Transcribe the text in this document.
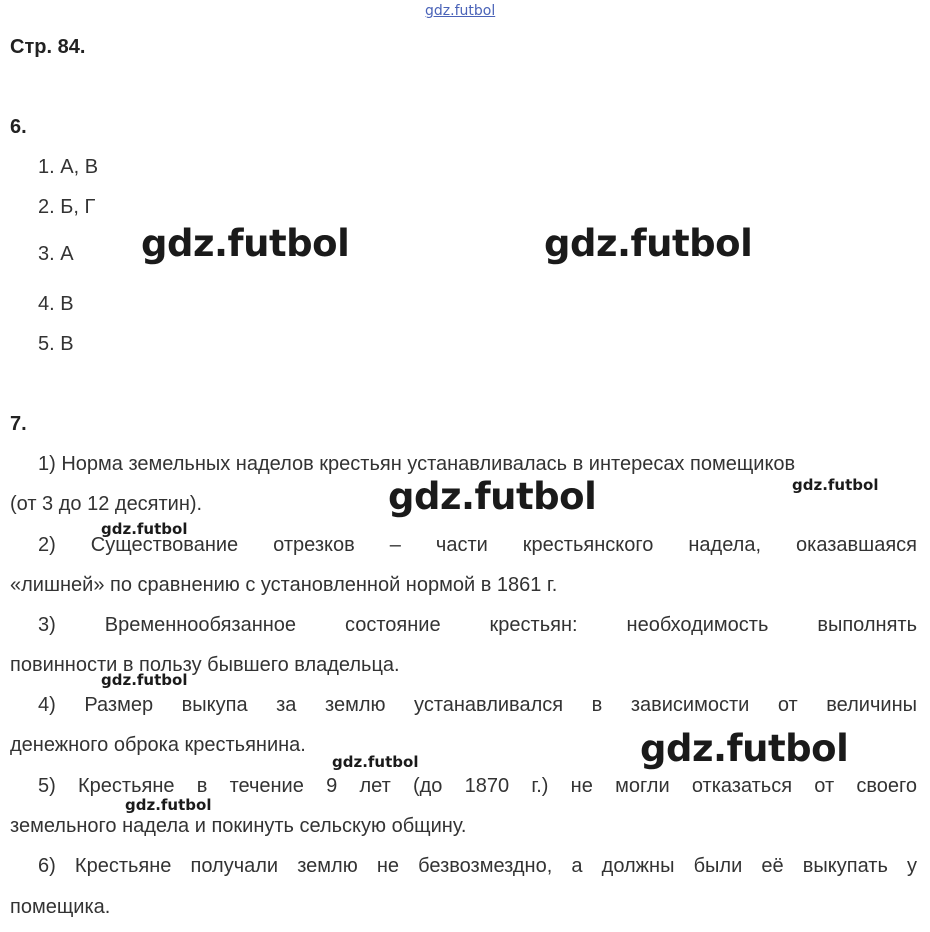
gdz.futbol
Стр. 84.
6.
1. А, В
2. Б, Г
3. А
4. В
5. В
7.
1) Норма земельных наделов крестьян устанавливалась в интересах помещиков
(от 3 до 12 десятин).
2) Существование отрезков – части крестьянского надела, оказавшаяся
«лишней» по сравнению с установленной нормой в 1861 г.
3) Временнообязанное состояние крестьян: необходимость выполнять
повинности в пользу бывшего владельца.
4) Размер выкупа за землю устанавливался в зависимости от величины
денежного оброка крестьянина.
5) Крестьяне в течение 9 лет (до 1870 г.) не могли отказаться от своего
земельного надела и покинуть сельскую общину.
6) Крестьяне получали землю не безвозмездно, а должны были её выкупать у
помещика.
gdz.futbol	gdz.futbol
gdz.futbol
gdz.futbol
gdz.futbol
gdz.futbol
gdz.futbol
gdz.futbol
gdz.futbol
